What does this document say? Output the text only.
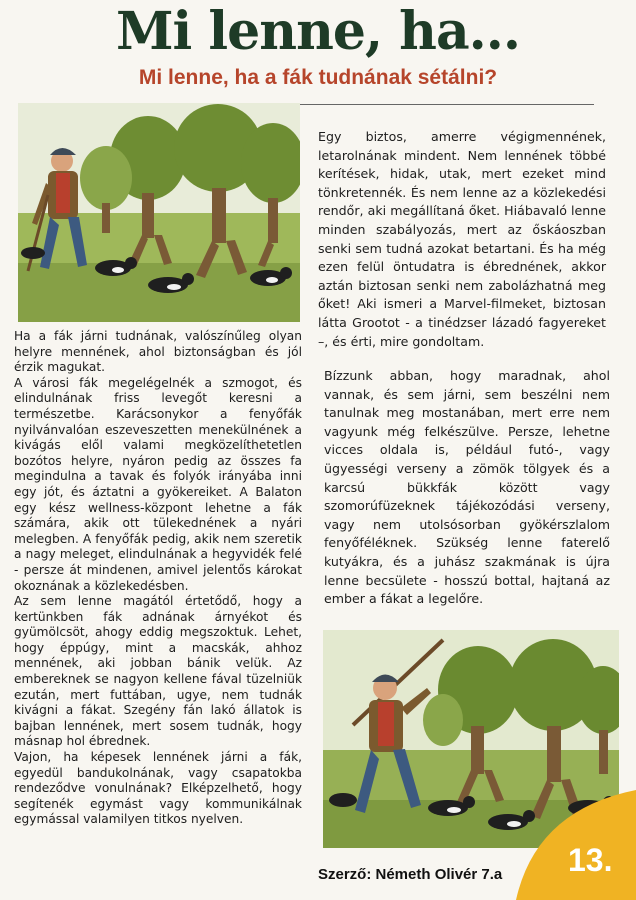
Mi lenne, ha...
Mi lenne, ha a fák tudnának sétálni?

Ha a fák járni tudnának, valószínűleg olyan helyre mennének, ahol biztonságban és jól érzik magukat.

A városi fák megelégelnék a szmogot, és elindulnának friss levegőt keresni a természetbe. Karácsonykor a fenyőfák nyilvánvalóan eszeveszetten menekülnének a kivágás elől valami megközelíthetetlen bozótos helyre, nyáron pedig az összes fa megindulna a tavak és folyók irányába inni egy jót, és áztatni a gyökereiket. A Balaton egy kész wellness-központ lehetne a fák számára, akik ott tülekednének a nyári melegben. A fenyőfák pedig, akik nem szeretik a nagy meleget, elindulnának a hegyvidék felé - persze át mindenen, amivel jelentős károkat okoznának a közlekedésben.

Az sem lenne magától értetődő, hogy a kertünkben fák adnának árnyékot és gyümölcsöt, ahogy eddig megszoktuk. Lehet, hogy éppúgy, mint a macskák, ahhoz mennének, aki jobban bánik velük. Az embereknek se nagyon kellene fával tüzelniük ezután, mert futtában, ugye, nem tudnák kivágni a fákat. Szegény fán lakó állatok is bajban lennének, mert sosem tudnák, hogy másnap hol ébrednek.

Vajon, ha képesek lennének járni a fák, egyedül bandukolnának, vagy csapatokba rendeződve vonulnának? Elképzelhető, hogy segítenék egymást vagy kommunikálnak egymással valamilyen titkos nyelven.

Egy biztos, amerre végigmennének, letarolnának mindent. Nem lennének többé kerítések, hidak, utak, mert ezeket mind tönkretennék. És nem lenne az a közlekedési rendőr, aki megállítaná őket. Hiábavaló lenne minden szabályozás, mert az őskáoszban senki sem tudná azokat betartani. És ha még ezen felül öntudatra is ébrednének, akkor aztán biztosan senki nem zabolázhatná meg őket! Aki ismeri a Marvel-filmeket, biztosan látta Grootot - a tinédzser lázadó fagyereket –, és érti, mire gondoltam.

Bízzunk abban, hogy maradnak, ahol vannak, és sem járni, sem beszélni nem tanulnak meg mostanában, mert erre nem vagyunk még felkészülve. Persze, lehetne vicces oldala is, például futó-, vagy ügyességi verseny a zömök tölgyek és a karcsú bükkfák között vagy szomorúfüzeknek tájékozódási verseny, vagy nem utolsósorban gyökérszlalom fenyőféléknek. Szükség lenne faterelő kutyákra, és a juhász szakmának is újra lenne becsülete - hosszú bottal, hajtaná az ember a fákat a legelőre.

Szerző: Németh Olivér 7.a 13.
